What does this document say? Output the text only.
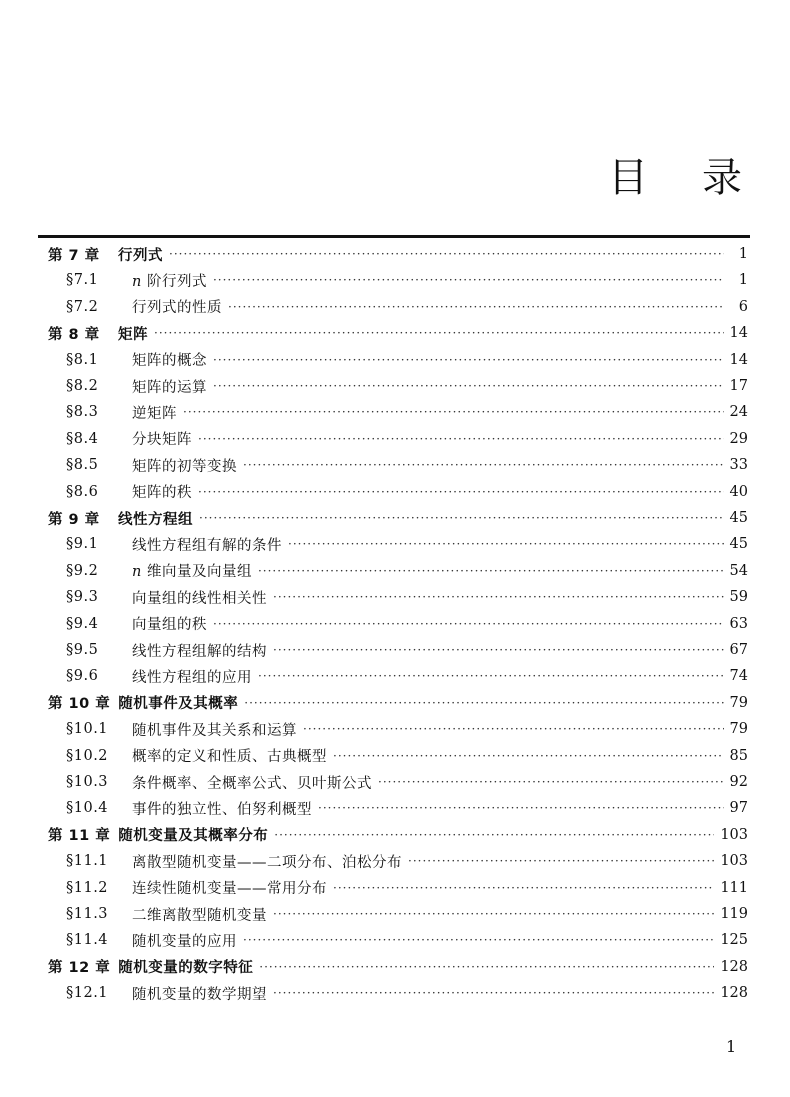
目 录
第 7 章	行列式 ·····	1
§7.1	n 阶行列式 ·····	1
§7.2	行列式的性质 ·····	6
第 8 章	矩阵 ·····	14
§8.1	矩阵的概念 ·····	14
§8.2	矩阵的运算 ·····	17
§8.3	逆矩阵 ·····	24
§8.4	分块矩阵 ·····	29
§8.5	矩阵的初等变换 ·····	33
§8.6	矩阵的秩 ·····	40
第 9 章	线性方程组 ·····	45
§9.1	线性方程组有解的条件 ·····	45
§9.2	n 维向量及向量组 ·····	54
§9.3	向量组的线性相关性 ·····	59
§9.4	向量组的秩 ·····	63
§9.5	线性方程组解的结构 ·····	67
§9.6	线性方程组的应用 ·····	74
第 10 章 随机事件及其概率 ·····	79
§10.1	随机事件及其关系和运算 ·····	79
§10.2	概率的定义和性质、古典概型 ·····	85
§10.3	条件概率、全概率公式、贝叶斯公式 ·····	92
§10.4	事件的独立性、伯努利概型 ·····	97
第 11 章 随机变量及其概率分布 ·····	103
§11.1	离散型随机变量——二项分布、泊松分布 ·····	103
§11.2	连续性随机变量——常用分布 ·····	111
§11.3	二维离散型随机变量 ·····	119
§11.4	随机变量的应用 ·····	125
第 12 章 随机变量的数字特征 ·····	128
§12.1	随机变量的数学期望 ·····	128
1
